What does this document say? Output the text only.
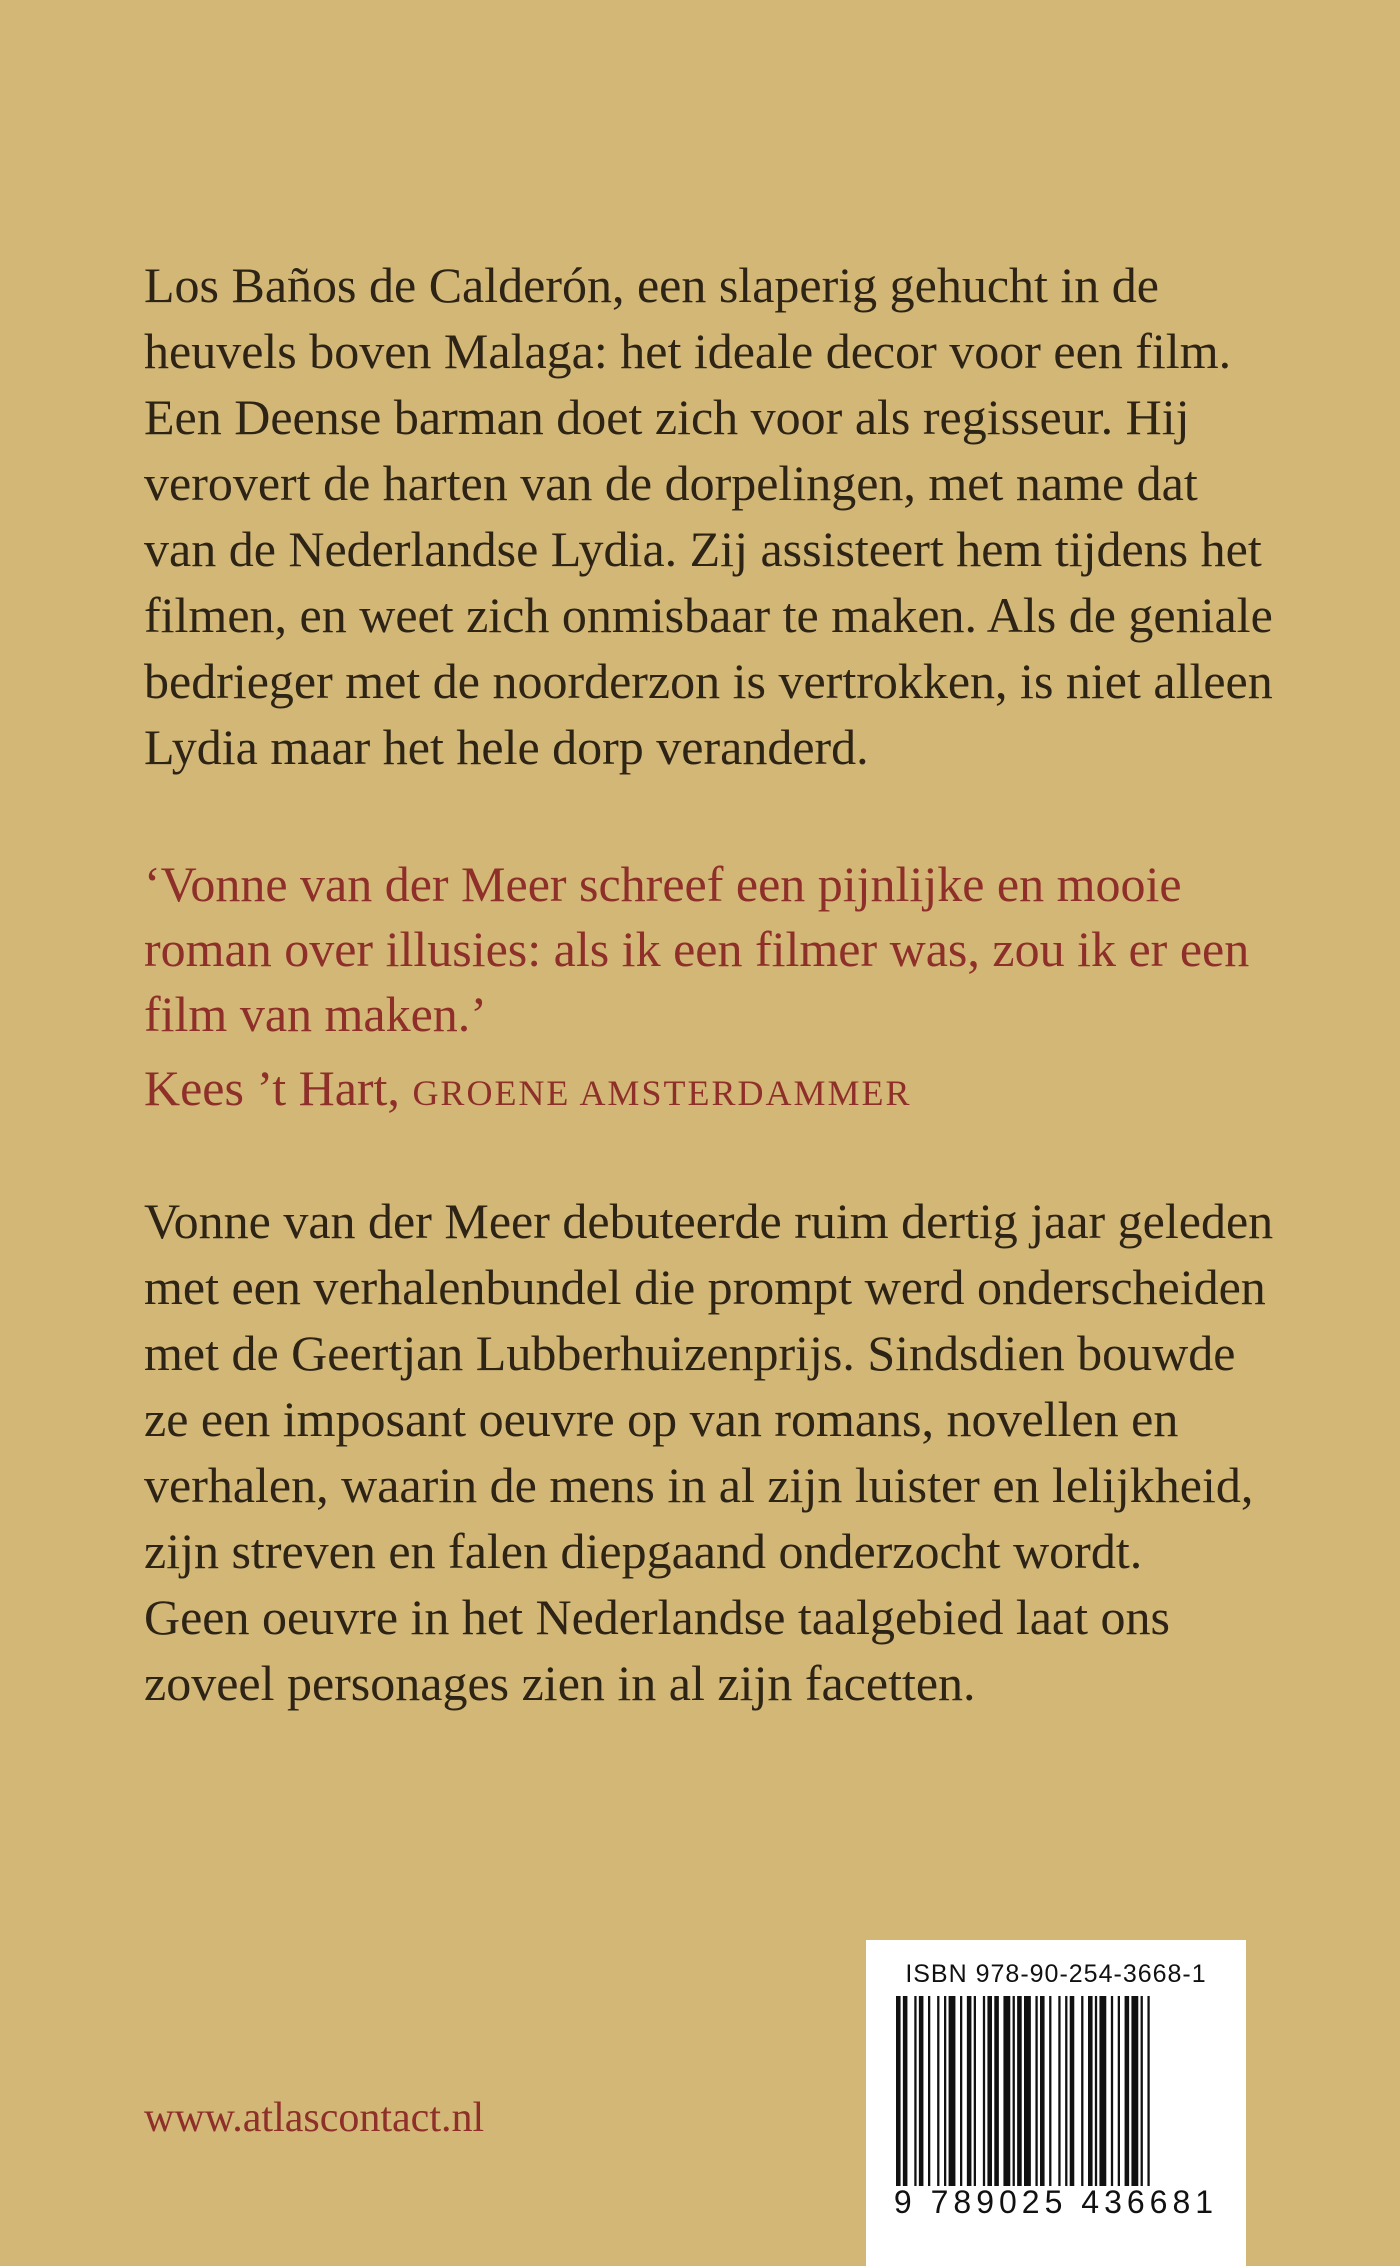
Los Baños de Calderón, een slaperig gehucht in de
heuvels boven Malaga: het ideale decor voor een film.
Een Deense barman doet zich voor als regisseur. Hij
verovert de harten van de dorpelingen, met name dat
van de Nederlandse Lydia. Zij assisteert hem tijdens het
filmen, en weet zich onmisbaar te maken. Als de geniale
bedrieger met de noorderzon is vertrokken, is niet alleen
Lydia maar het hele dorp veranderd.

‘Vonne van der Meer schreef een pijnlijke en mooie
roman over illusies: als ik een filmer was, zou ik er een
film van maken.’

Kees ’t Hart, GROENE AMSTERDAMMER

Vonne van der Meer debuteerde ruim dertig jaar geleden
met een verhalenbundel die prompt werd onderscheiden
met de Geertjan Lubberhuizenprijs. Sindsdien bouwde
ze een imposant oeuvre op van romans, novellen en
verhalen, waarin de mens in al zijn luister en lelijkheid,
zijn streven en falen diepgaand onderzocht wordt.
Geen oeuvre in het Nederlandse taalgebied laat ons
zoveel personages zien in al zijn facetten.

www.atlascontact.nl
ISBN 978-90-254-3668-1
9 789025 436681
